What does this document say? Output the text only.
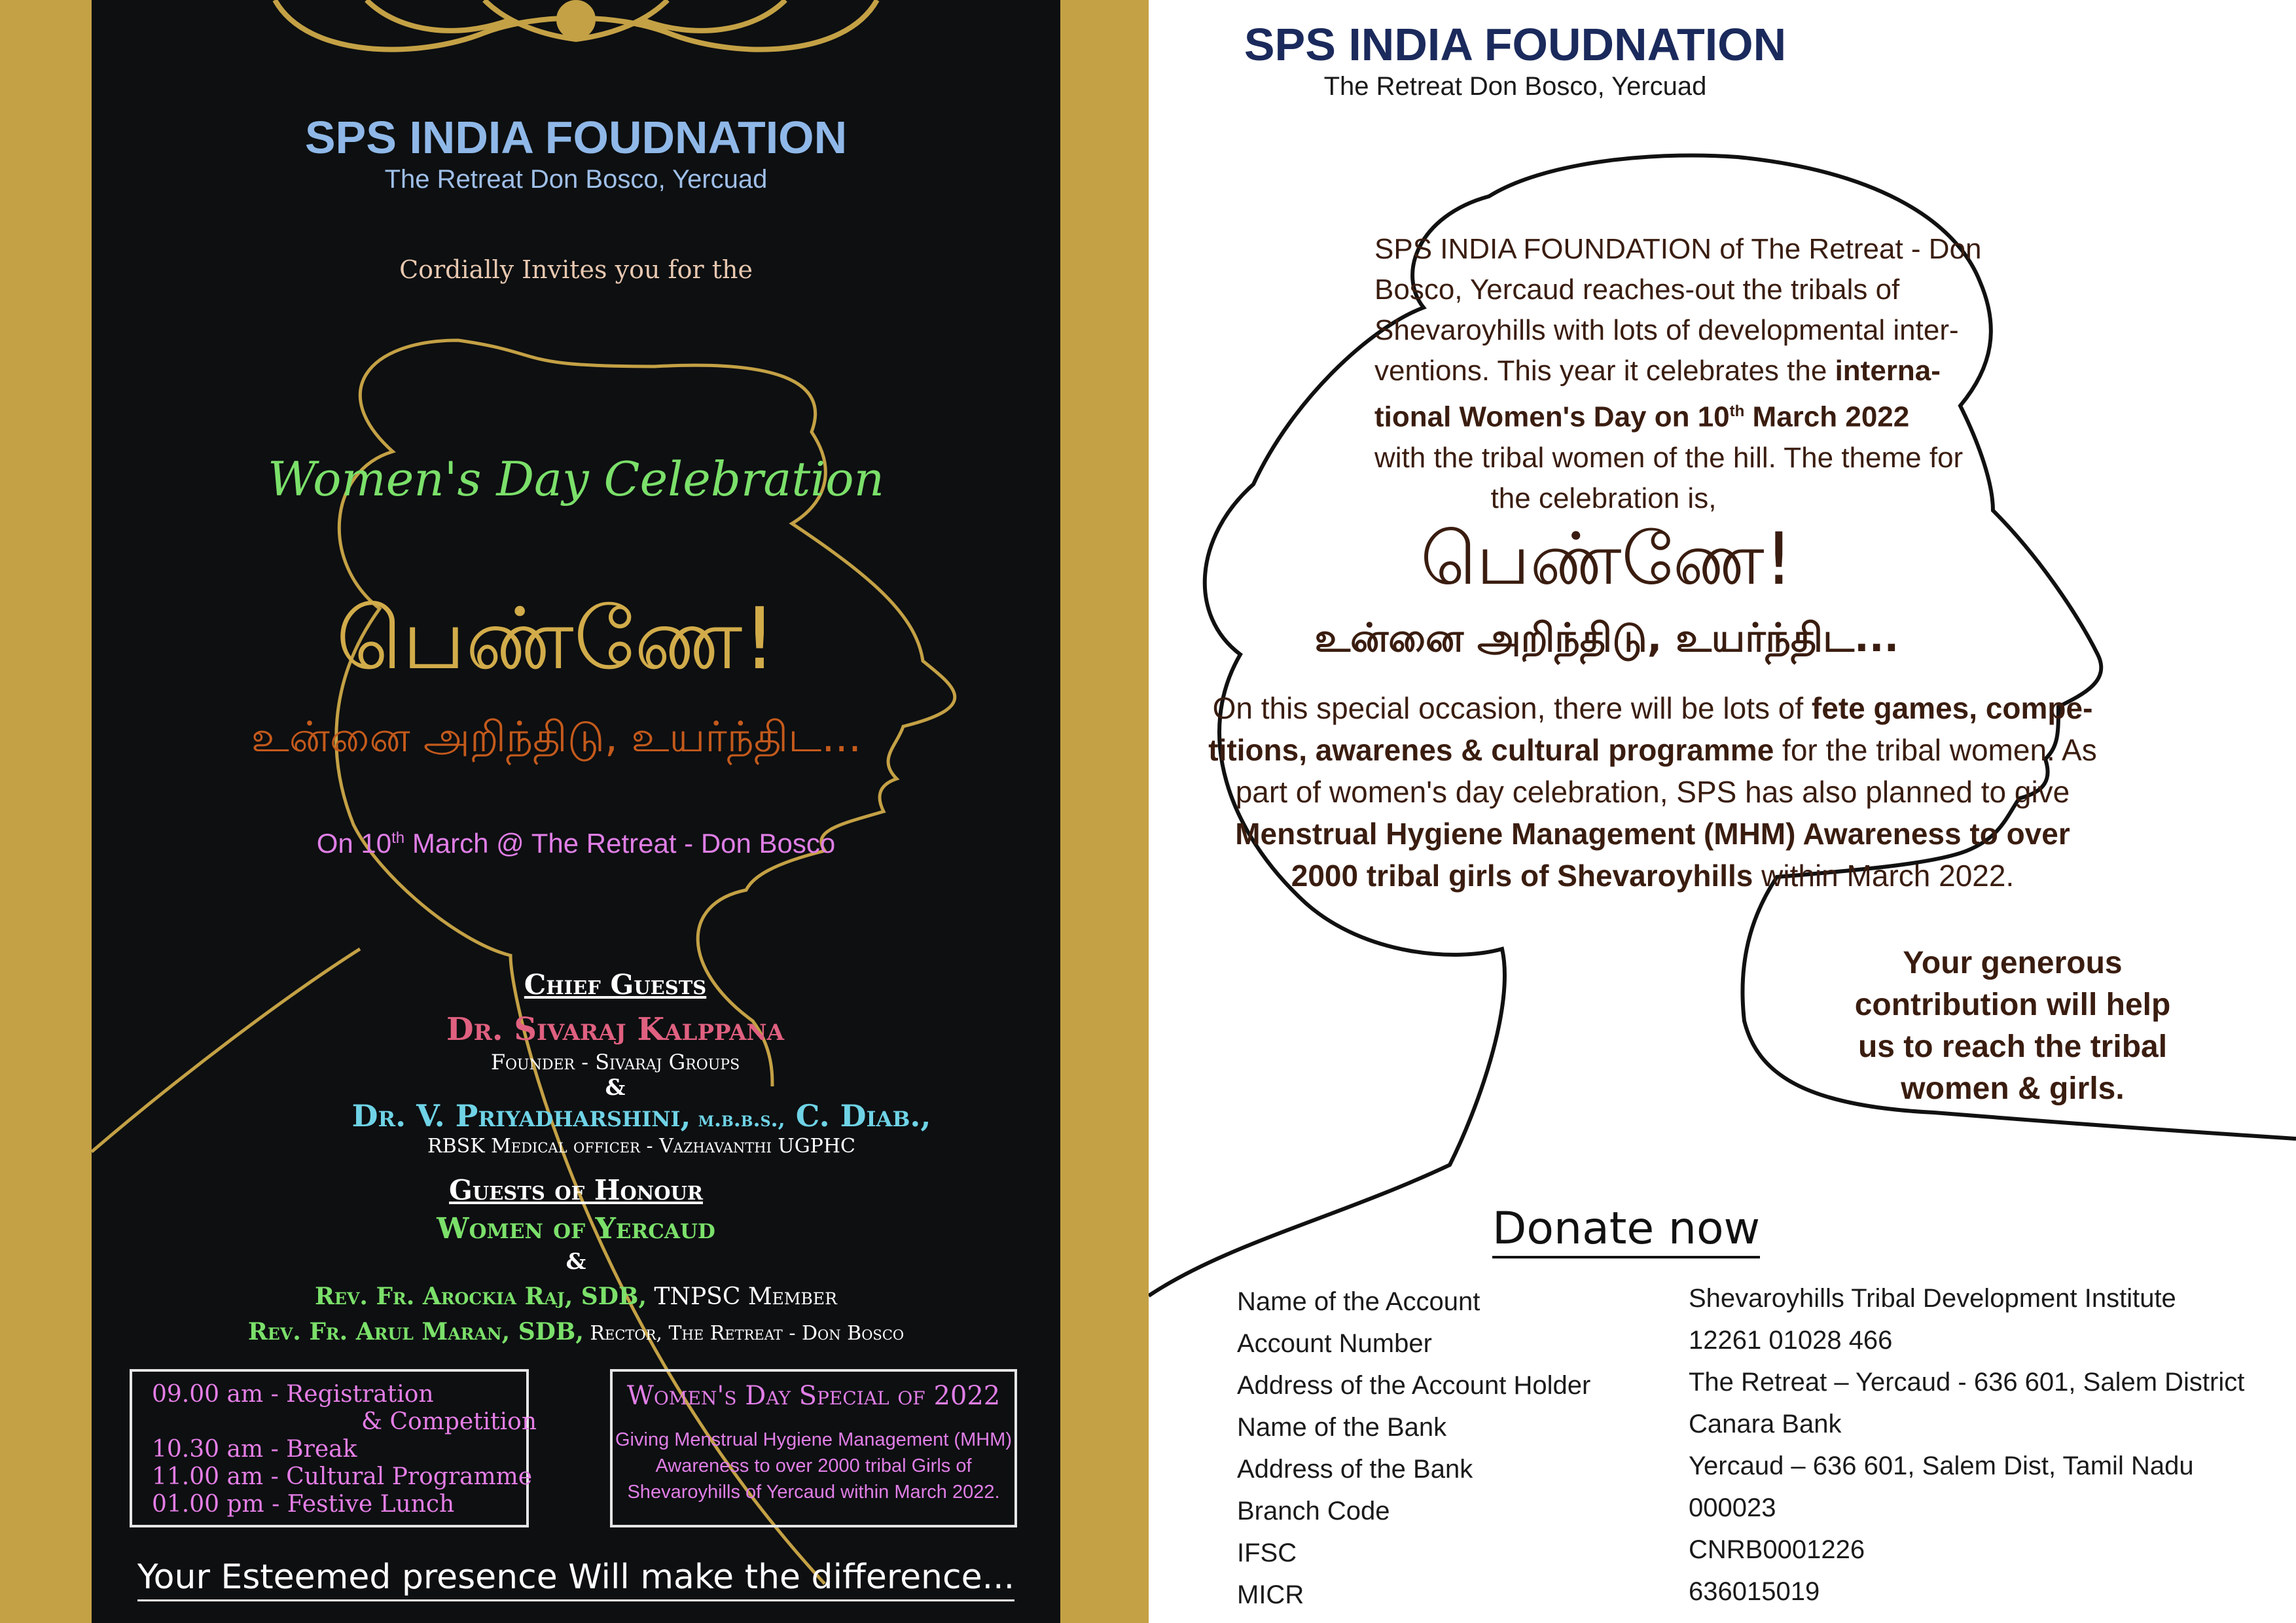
SPS INDIA FOUDNATION
The Retreat Don Bosco, Yercuad
Cordially Invites you for the
Women's Day Celebration
பெண்ணே!
உன்னை அறிந்திடு, உயர்ந்திட...
On 10th March @ The Retreat - Don Bosco
Chief Guests
Dr. Sivaraj Kalppana
Founder - Sivaraj Groups
&
Dr. V. Priyadharshini, m.b.b.s., C. Diab.,
RBSK Medical officer - Vazhavanthi UGPHC
Guests of Honour
Women of Yercaud
&
Rev. Fr. Arockia Raj, SDB, TNPSC Member
Rev. Fr. Arul Maran, SDB, Rector, The Retreat - Don Bosco
09.00 am - Registration
& Competition
10.30 am - Break
11.00 am - Cultural Programme
01.00 pm - Festive Lunch
Women's Day Special of 2022
Giving Menstrual Hygiene Management (MHM)
Awareness to over 2000 tribal Girls of
Shevaroyhills of Yercaud within March 2022.
Your Esteemed presence Will make the difference...
SPS INDIA FOUDNATION
The Retreat Don Bosco, Yercuad
SPS INDIA FOUNDATION of The Retreat - Don
Bosco, Yercaud reaches-out the tribals of
Shevaroyhills with lots of developmental inter-
ventions. This year it celebrates the interna-
tional Women's Day on 10th March 2022
with the tribal women of the hill. The theme for
the celebration is,
பெண்ணே!
உன்னை அறிந்திடு, உயர்ந்திட...
On this special occasion, there will be lots of fete games, compe-
titions, awarenes & cultural programme for the tribal women. As
part of women's day celebration, SPS has also planned to give
Menstrual Hygiene Management (MHM) Awareness to over
2000 tribal girls of Shevaroyhills within March 2022.
Your generous
contribution will help
us to reach the tribal
women & girls.
Donate now
Name of the Account	Shevaroyhills Tribal Development Institute
Account Number	12261 01028 466
Address of the Account Holder	The Retreat – Yercaud - 636 601, Salem District
Name of the Bank	Canara Bank
Address of the Bank	Yercaud – 636 601, Salem Dist, Tamil Nadu
Branch Code	000023
IFSC	CNRB0001226
MICR	636015019
